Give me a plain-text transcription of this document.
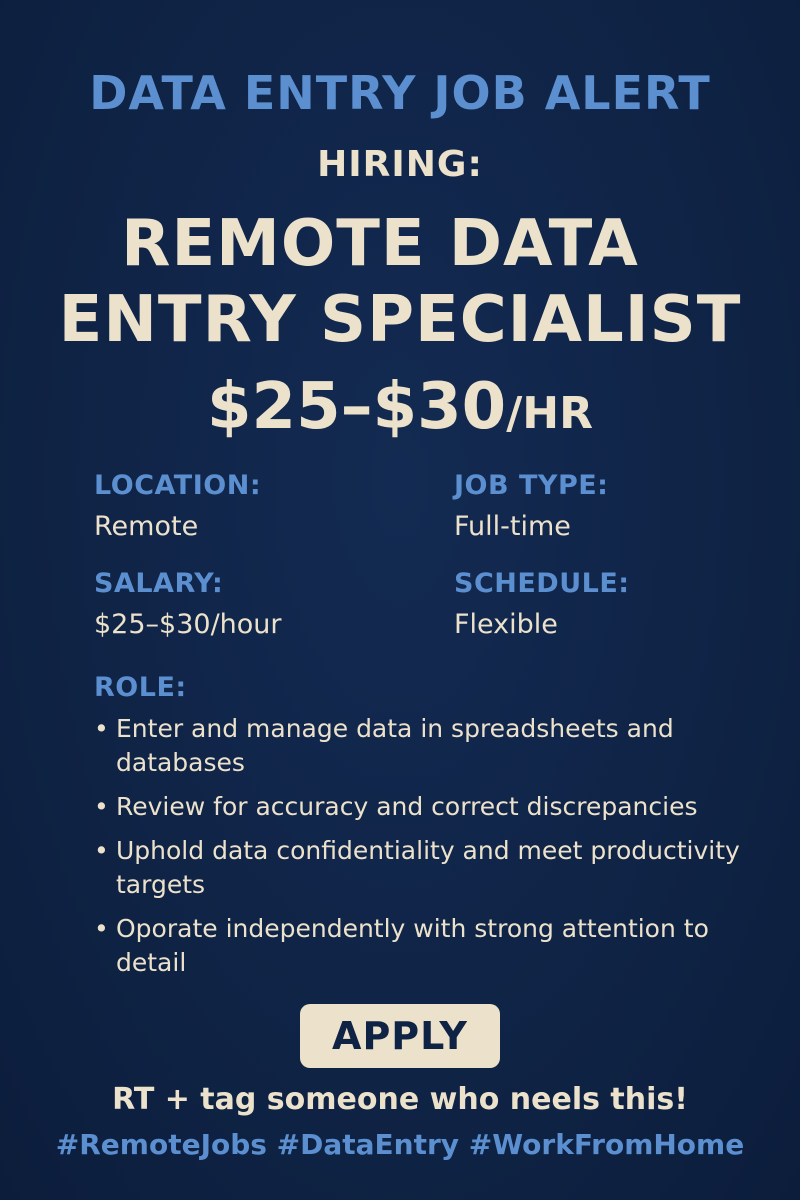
DATA ENTRY JOB ALERT
HIRING:
REMOTE DATA
ENTRY SPECIALIST
$25–$30/HR
LOCATION:
Remote
JOB TYPE:
Full-time
SALARY:
$25–$30/hour
SCHEDULE:
Flexible
ROLE:
• Enter and manage data in spreadsheets and databases
• Review for accuracy and correct discrepancies
• Uphold data confidentiality and meet productivity targets
• Oporate independently with strong attention to detail
APPLY
RT + tag someone who neels this!
#RemoteJobs #DataEntry #WorkFromHome
